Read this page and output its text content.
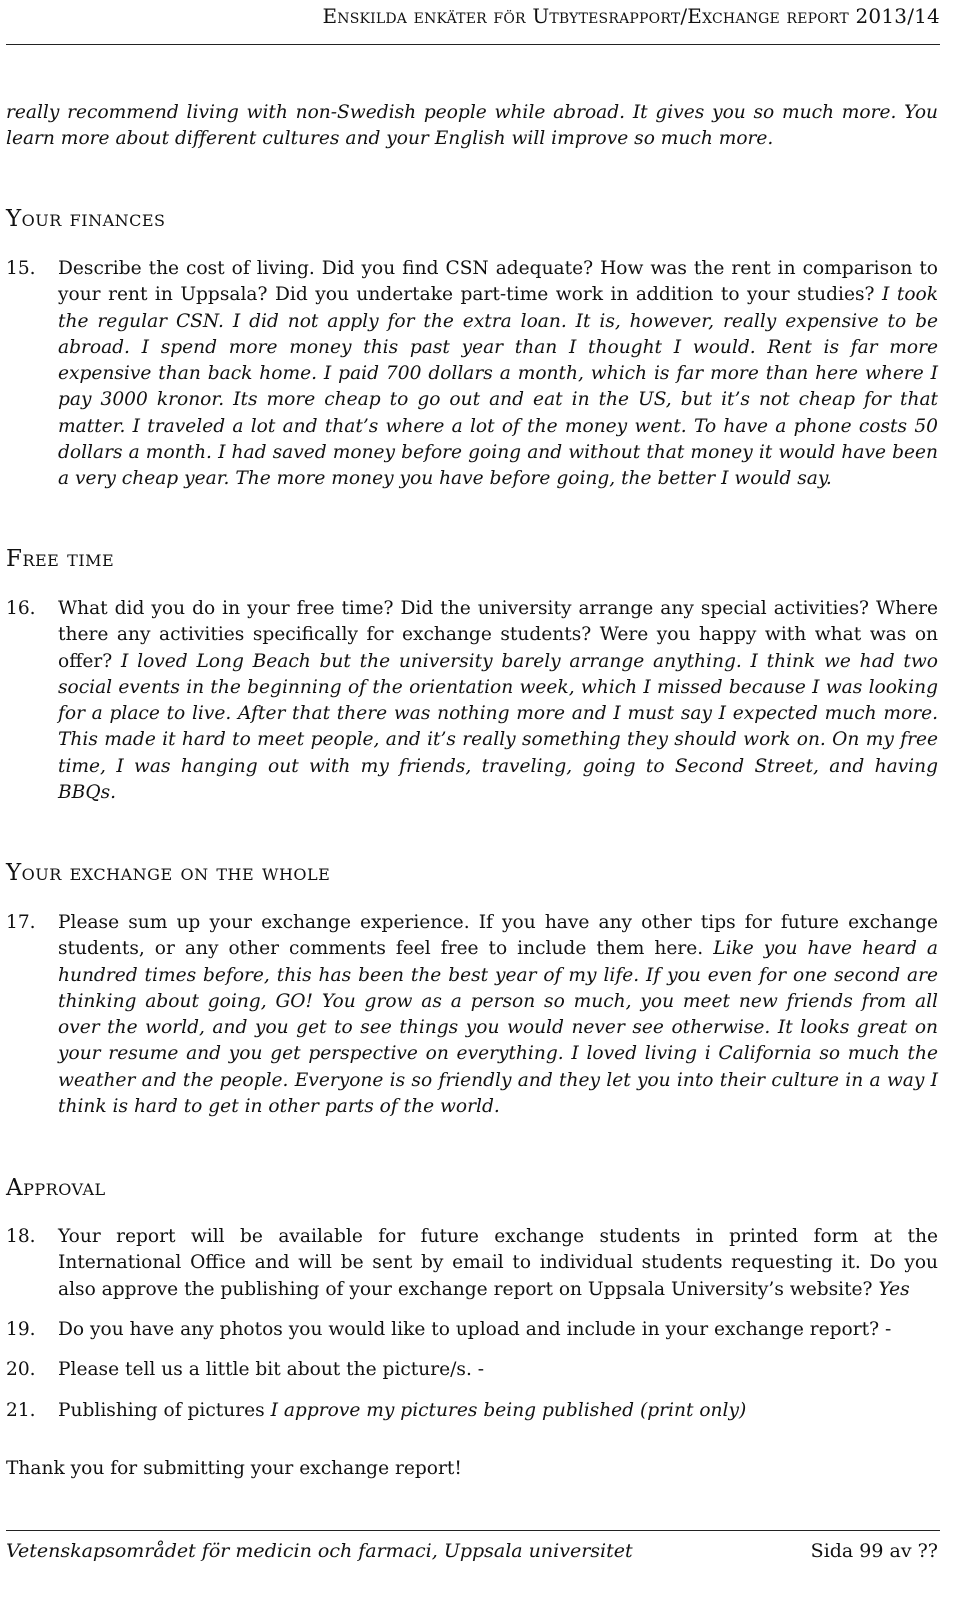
Enskilda enkäter för Utbytesrapport/Exchange report 2013/14
really recommend living with non-Swedish people while abroad. It gives you so much more. You learn more about different cultures and your English will improve so much more.
Your finances
15.	Describe the cost of living. Did you find CSN adequate? How was the rent in comparison to your rent in Uppsala? Did you undertake part-time work in addition to your studies? I took the regular CSN. I did not apply for the extra loan. It is, however, really expensive to be abroad. I spend more money this past year than I thought I would. Rent is far more expensive than back home. I paid 700 dollars a month, which is far more than here where I pay 3000 kronor. Its more cheap to go out and eat in the US, but it’s not cheap for that matter. I traveled a lot and that’s where a lot of the money went. To have a phone costs 50 dollars a month. I had saved money before going and without that money it would have been a very cheap year. The more money you have before going, the better I would say.
Free time
16.	What did you do in your free time? Did the university arrange any special activities? Where there any activities specifically for exchange students? Were you happy with what was on offer? I loved Long Beach but the university barely arrange anything. I think we had two social events in the beginning of the orientation week, which I missed because I was looking for a place to live. After that there was nothing more and I must say I expected much more. This made it hard to meet people, and it’s really something they should work on. On my free time, I was hanging out with my friends, traveling, going to Second Street, and having BBQs.
Your exchange on the whole
17.	Please sum up your exchange experience. If you have any other tips for future exchange students, or any other comments feel free to include them here. Like you have heard a hundred times before, this has been the best year of my life. If you even for one second are thinking about going, GO! You grow as a person so much, you meet new friends from all over the world, and you get to see things you would never see otherwise. It looks great on your resume and you get perspective on everything. I loved living i California so much the weather and the people. Everyone is so friendly and they let you into their culture in a way I think is hard to get in other parts of the world.
Approval
18.	Your report will be available for future exchange students in printed form at the International Office and will be sent by email to individual students requesting it. Do you also approve the publishing of your exchange report on Uppsala University’s website? Yes
19.	Do you have any photos you would like to upload and include in your exchange report? -
20.	Please tell us a little bit about the picture/s. -
21.	Publishing of pictures I approve my pictures being published (print only)
Thank you for submitting your exchange report!
Vetenskapsområdet för medicin och farmaci, Uppsala universitet	Sida 99 av ??
